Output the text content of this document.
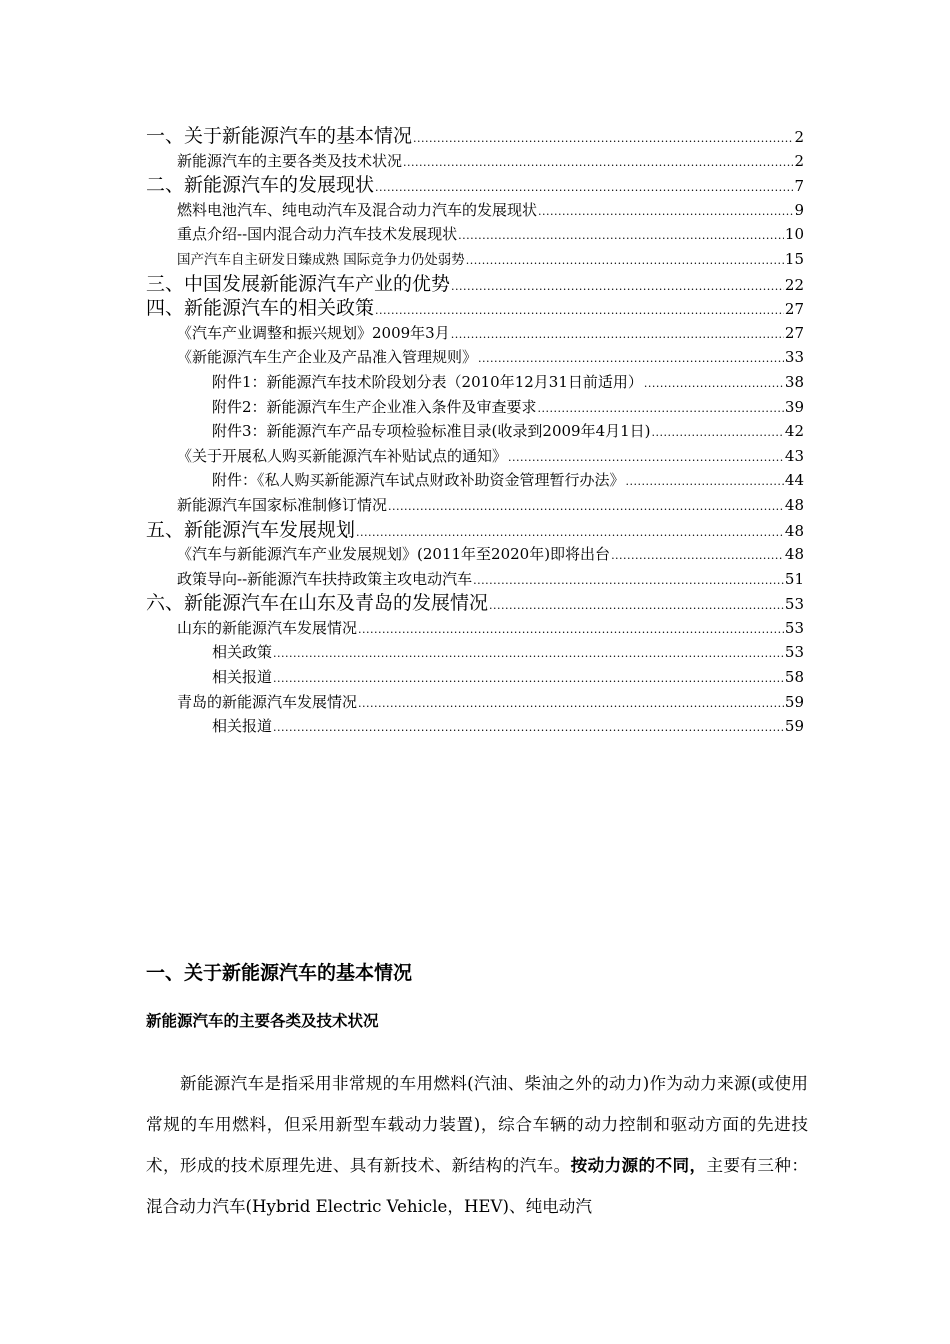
一、关于新能源汽车的基本情况 .....	2
新能源汽车的主要各类及技术状况 .....	2
二、新能源汽车的发展现状 .....	7
燃料电池汽车、纯电动汽车及混合动力汽车的发展现状 .....	9
重点介绍--国内混合动力汽车技术发展现状 .....	10
国产汽车自主研发日臻成熟 国际竞争力仍处弱势 .....	15
三、中国发展新能源汽车产业的优势 .....	22
四、新能源汽车的相关政策 .....	27
《汽车产业调整和振兴规划》2009年3月 .....	27
《新能源汽车生产企业及产品准入管理规则》 .....	33
附件1：新能源汽车技术阶段划分表（2010年12月31日前适用） .....	38
附件2：新能源汽车生产企业准入条件及审查要求 .....	39
附件3：新能源汽车产品专项检验标准目录(收录到2009年4月1日) .....	42
《关于开展私人购买新能源汽车补贴试点的通知》 .....	43
附件：《私人购买新能源汽车试点财政补助资金管理暂行办法》 .....	44
新能源汽车国家标准制修订情况 .....	48
五、新能源汽车发展规划 .....	48
《汽车与新能源汽车产业发展规划》(2011年至2020年)即将出台 .....	48
政策导向--新能源汽车扶持政策主攻电动汽车 .....	51
六、新能源汽车在山东及青岛的发展情况 .....	53
山东的新能源汽车发展情况 .....	53
相关政策 .....	53
相关报道 .....	58
青岛的新能源汽车发展情况 .....	59
相关报道 .....	59
一、关于新能源汽车的基本情况
新能源汽车的主要各类及技术状况

新能源汽车是指采用非常规的车用燃料(汽油、柴油之外的动力)作为动力来源(或使用常规的车用燃料，但采用新型车载动力装置)，综合车辆的动力控制和驱动方面的先进技术，形成的技术原理先进、具有新技术、新结构的汽车。按动力源的不同，主要有三种：混合动力汽车(Hybrid Electric Vehicle，HEV)、纯电动汽
